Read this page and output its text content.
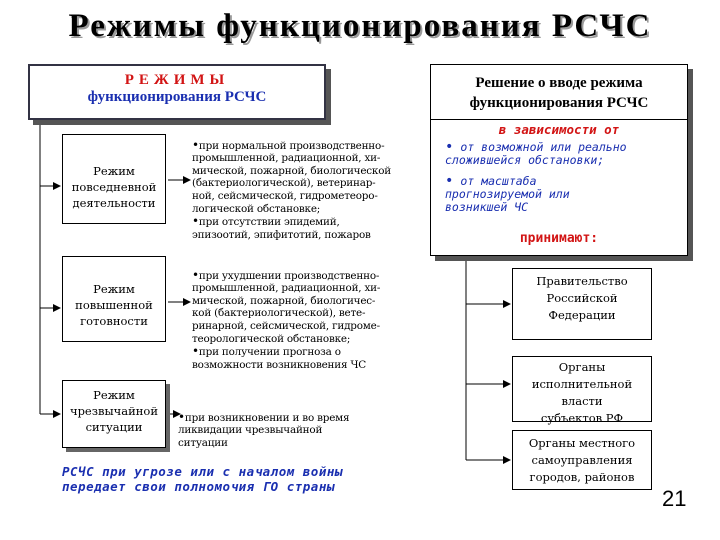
Режимы функционирования РСЧС
РЕЖИМЫ
функционирования РСЧС
Решение о вводе режима
функционирования РСЧС
в зависимости от
• от возможной или реально
сложившейся обстановки;
• от масштаба
прогнозируемой или
возникшей ЧС
принимают:
Режим
повседневной
деятельности
Режим
повышенной
готовности
Режим
чрезвычайной
ситуации

•при нормальной производственно-
промышленной, радиационной, хи-
мической, пожарной, биологической
(бактериологической), ветеринар-
ной, сейсмической, гидрометеоро-
логической обстановке;
•при отсутствии эпидемий,
эпизоотий, эпифитотий, пожаров

•при ухудшении производственно-
промышленной, радиационной, хи-
мической, пожарной, биологичес-
кой (бактериологической), вете-
ринарной, сейсмической, гидроме-
теорологической обстановке;
•при получении прогноза о
возможности возникновения ЧС

•при возникновении и во время
ликвидации чрезвычайной
ситуации

Правительство
Российской
Федерации
Органы
исполнительной
власти
субъектов РФ
Органы местного
самоуправления
городов, районов
РСЧС при угрозе или с началом войны
передает свои полномочия ГО страны	21
